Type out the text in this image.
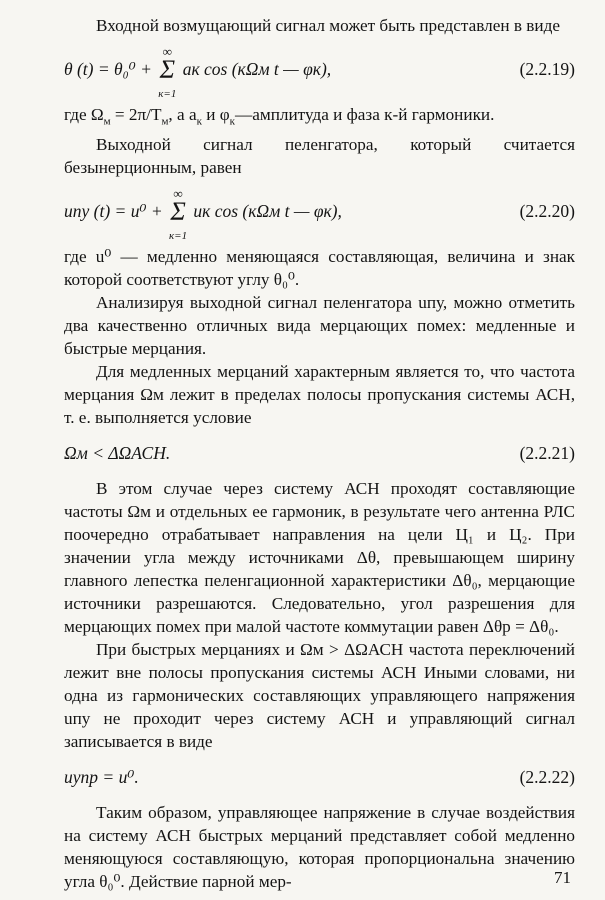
Входной возмущающий сигнал может быть представлен в виде

θ (t) = θ₀⁰ + Σ
∞
к=1
aк cos (кΩм t — φк),	(2.2.19)

где $\Omega_м = 2\pi/T_м$, а $a_к$ и $\varphi_к—амплитуда$ и фаза к-й гармоники.

Выходной сигнал пеленгатора, который считается безынерционным, равен

uпу (t) = u⁰ + Σ
∞
к=1
uк cos (кΩм t — φк),	(2.2.20)

где u⁰ — медленно меняющаяся составляющая, величина и знак которой соответствуют углу θ₀⁰.

Анализируя выходной сигнал пеленгатора uпу, можно отметить два качественно отличных вида мерцающих помех: медленные и быстрые мерцания.

Для медленных мерцаний характерным является то, что частота мерцания Ωм лежит в пределах полосы пропускания системы АСН, т. е. выполняется условие

Ωм < ΔΩАСН.	(2.2.21)

В этом случае через систему АСН проходят составляющие частоты Ωм и отдельных ее гармоник, в результате чего антенна РЛС поочередно отрабатывает направления на цели Ц₁ и Ц₂. При значении угла между источниками Δθ, превышающем ширину главного лепестка пеленгационной характеристики Δθ₀, мерцающие источники разрешаются. Следовательно, угол разрешения для мерцающих помех при малой частоте коммутации равен Δθр = Δθ₀.

При быстрых мерцаниях и Ωм > ΔΩАСН частота переключений лежит вне полосы пропускания системы АСН Иными словами, ни одна из гармонических составляющих управляющего напряжения uпу не проходит через систему АСН и управляющий сигнал записывается в виде

uупр = u⁰.	(2.2.22)

Таким образом, управляющее напряжение в случае воздействия на систему АСН быстрых мерцаний представляет собой медленно меняющуюся составляющую, которая пропорциональна значению угла θ₀⁰. Действие парной мер-	71
